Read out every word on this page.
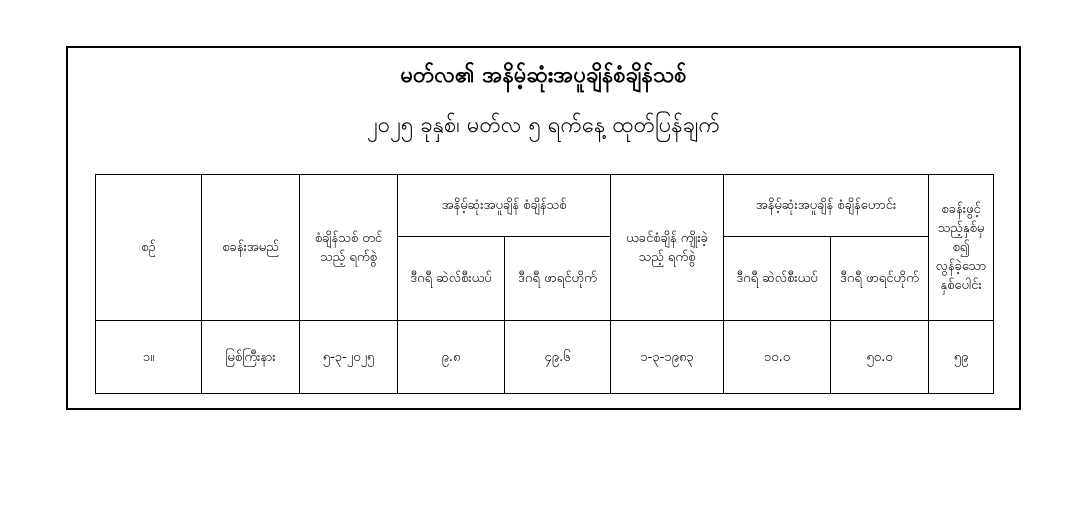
မတ်လ၏ အနိမ့်ဆုံးအပူချိန်စံချိန်သစ်
၂၀၂၅ ခုနှစ်၊ မတ်လ ၅ ရက်နေ့ ထုတ်ပြန်ချက်
စဉ်	စခန်းအမည်	စံချိန်သစ် တင်သည့် ရက်စွဲ	အနိမ့်ဆုံးအပူချိန် စံချိန်သစ်		ယခင်စံချိန် ကျိုးခဲ့သည့် ရက်စွဲ	အနိမ့်ဆုံးအပူချိန် စံချိန်ဟောင်း		စခန်းဖွင့် သည့်နှစ်မှ စ၍ လွန်ခဲ့သော နှစ်ပေါင်း
			ဒီဂရီ ဆဲလ်စီးယပ်	ဒီဂရီ ဖာရင်ဟိုက်		ဒီဂရီ ဆဲလ်စီးယပ်	ဒီဂရီ ဖာရင်ဟိုက်	
၁။	မြစ်ကြီးနား	၅-၃-၂၀၂၅	၉.၈	၄၉.၆	၁-၃-၁၉၈၃	၁၀.၀	၅၀.၀	၅၉
